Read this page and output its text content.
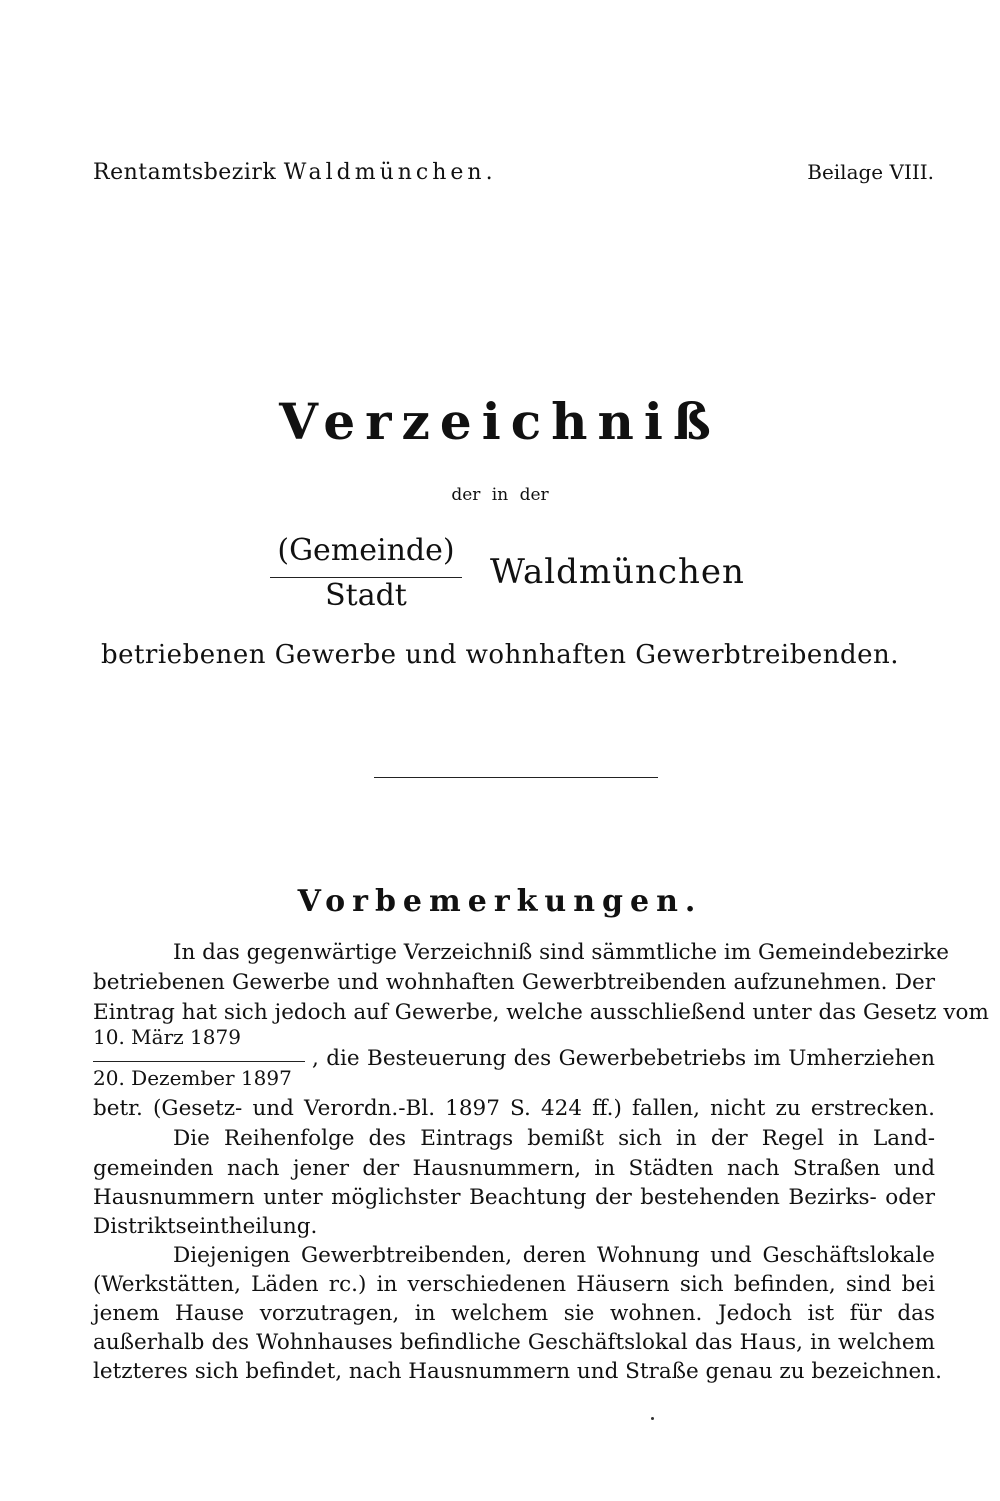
Rentamtsbezirk Waldmünchen.	Beilage VIII.
Verzeichniß
der in der
(Gemeinde)
Stadt
Waldmünchen
betriebenen Gewerbe und wohnhaften Gewerbtreibenden.
Vorbemerkungen.
In das gegenwärtige Verzeichniß sind sämmtliche im Gemeindebezirke
betriebenen Gewerbe und wohnhaften Gewerbtreibenden aufzunehmen. Der
Eintrag hat sich jedoch auf Gewerbe, welche ausschließend unter das Gesetz vom
10. März 1879
20. Dezember 1897
, die Besteuerung des Gewerbebetriebs im Umherziehen
betr. (Gesetz- und Verordn.-Bl. 1897 S. 424 ff.) fallen, nicht zu erstrecken.
Die Reihenfolge des Eintrags bemißt sich in der Regel in Land-
gemeinden nach jener der Hausnummern, in Städten nach Straßen und
Hausnummern unter möglichster Beachtung der bestehenden Bezirks- oder
Distriktseintheilung.
Diejenigen Gewerbtreibenden, deren Wohnung und Geschäftslokale
(Werkstätten, Läden rc.) in verschiedenen Häusern sich befinden, sind bei
jenem Hause vorzutragen, in welchem sie wohnen. Jedoch ist für das
außerhalb des Wohnhauses befindliche Geschäftslokal das Haus, in welchem
letzteres sich befindet, nach Hausnummern und Straße genau zu bezeichnen.
